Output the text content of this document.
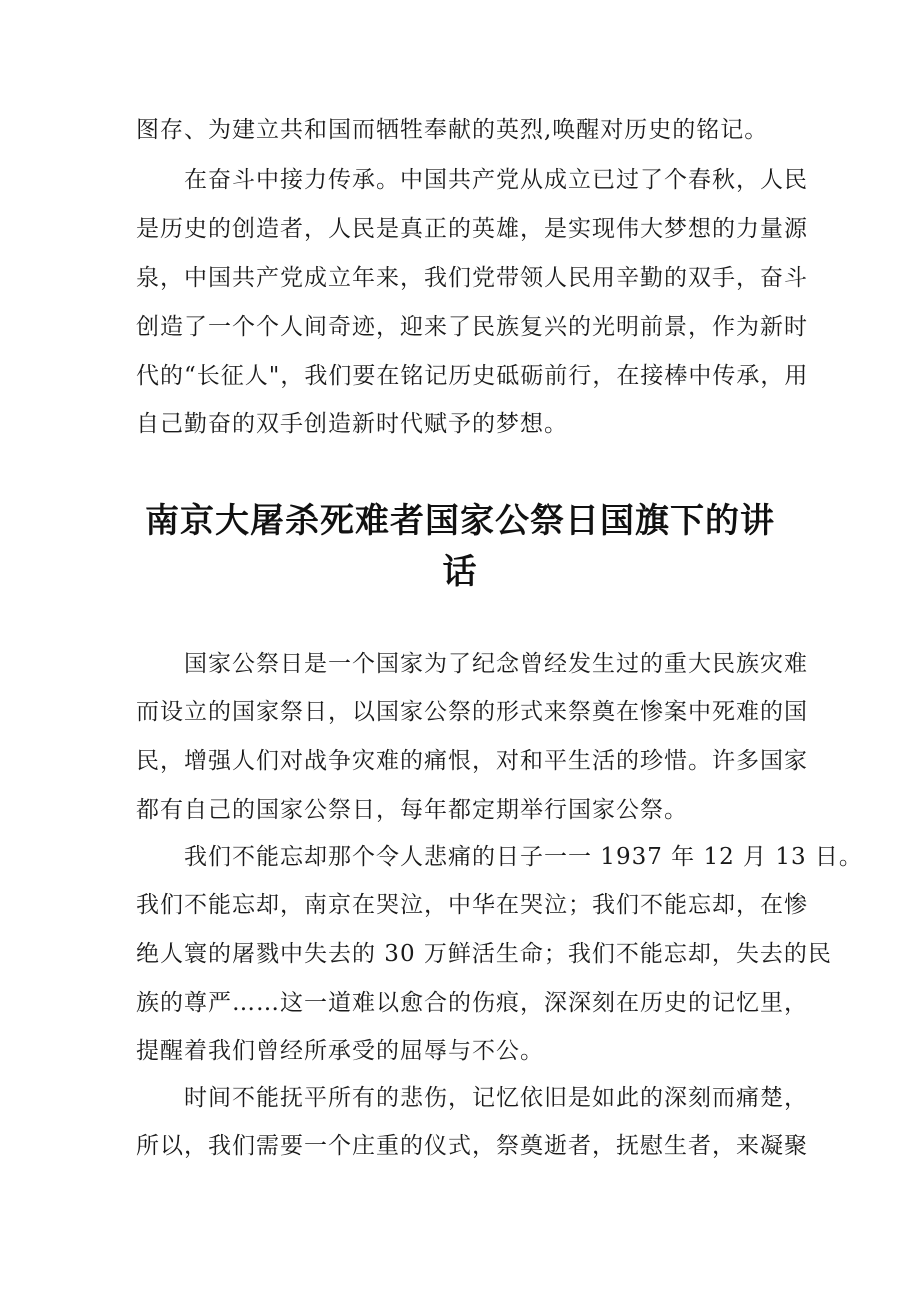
图存、为建立共和国而牺牲奉献的英烈,唤醒对历史的铭记。

在奋斗中接力传承。中国共产党从成立已过了个春秋，人民

是历史的创造者，人民是真正的英雄，是实现伟大梦想的力量源

泉，中国共产党成立年来，我们党带领人民用辛勤的双手，奋斗

创造了一个个人间奇迹，迎来了民族复兴的光明前景，作为新时

代的“长征人"，我们要在铭记历史砥砺前行，在接棒中传承，用

自己勤奋的双手创造新时代赋予的梦想。

南京大屠杀死难者国家公祭日国旗下的讲
话

国家公祭日是一个国家为了纪念曾经发生过的重大民族灾难

而设立的国家祭日，以国家公祭的形式来祭奠在惨案中死难的国

民，增强人们对战争灾难的痛恨，对和平生活的珍惜。许多国家

都有自己的国家公祭日，每年都定期举行国家公祭。

我们不能忘却那个令人悲痛的日子一一 1937 年 12 月 13 日。

我们不能忘却，南京在哭泣，中华在哭泣；我们不能忘却，在惨

绝人寰的屠戮中失去的 30 万鲜活生命；我们不能忘却，失去的民

族的尊严……这一道难以愈合的伤痕，深深刻在历史的记忆里，

提醒着我们曾经所承受的屈辱与不公。

时间不能抚平所有的悲伤，记忆依旧是如此的深刻而痛楚，

所以，我们需要一个庄重的仪式，祭奠逝者，抚慰生者，来凝聚
